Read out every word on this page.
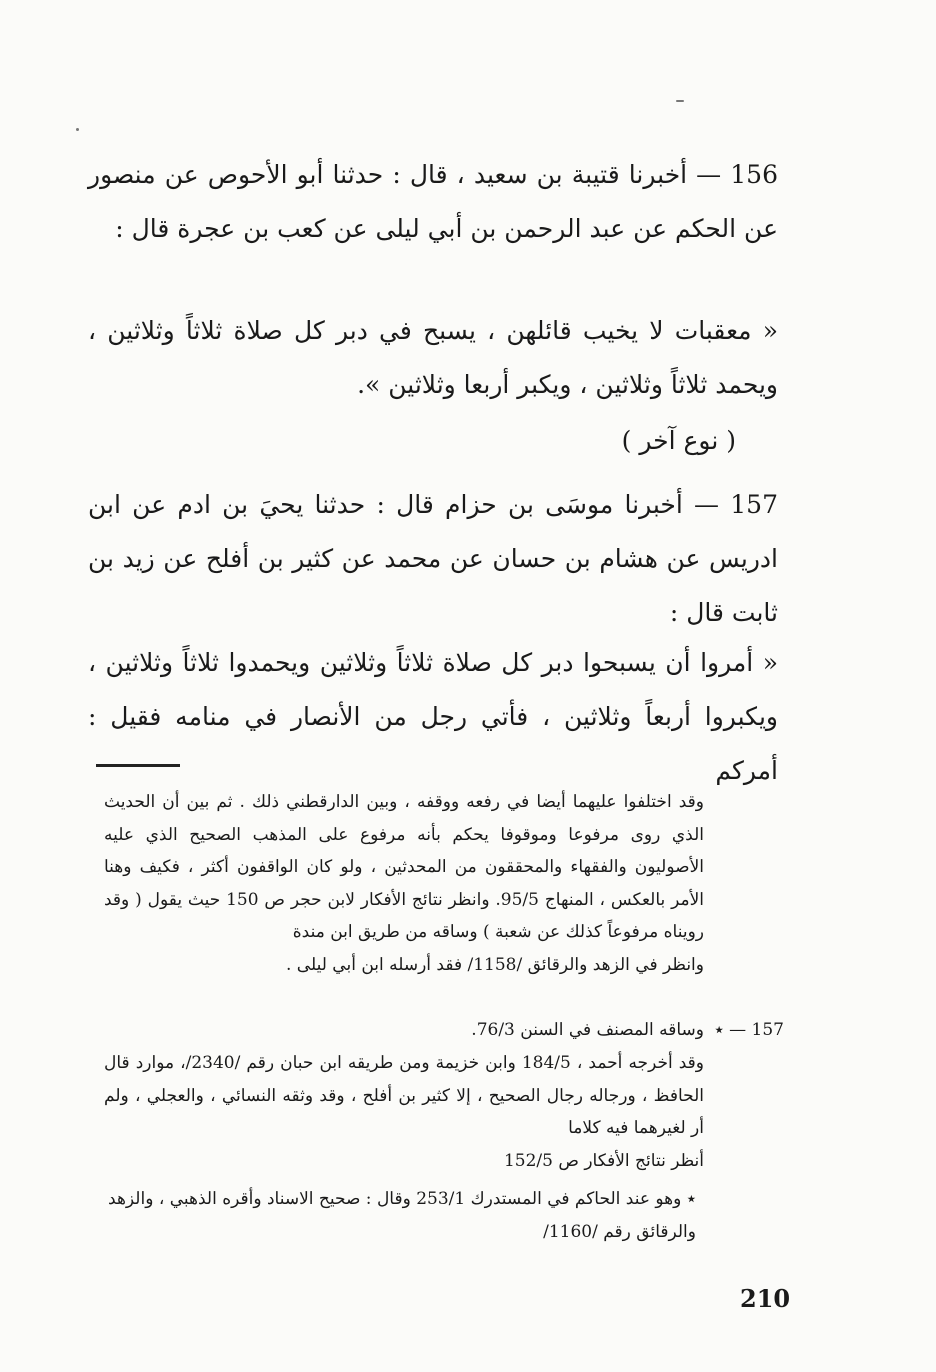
156 — أخبرنا قتيبة بن سعيد ، قال : حدثنا أبو الأحوص عن منصور عن الحكم عن عبد الرحمن بن أبي ليلى عن كعب بن عجرة قال :

« معقبات لا يخيب قائلهن ، يسبح في دبر كل صلاة ثلاثاً وثلاثين ، ويحمد ثلاثاً وثلاثين ، ويكبر أربعا وثلاثين ».

( نوع آخر )

157 — أخبرنا موسَى بن حزام قال : حدثنا يحيَ بن ادم عن ابن ادريس عن هشام بن حسان عن محمد عن كثير بن أفلح عن زيد بن ثابت قال :

« أمروا أن يسبحوا دبر كل صلاة ثلاثاً وثلاثين ويحمدوا ثلاثاً وثلاثين ، ويكبروا أربعاً وثلاثين ، فأتي رجل من الأنصار في منامه فقيل : أمركم

وقد اختلفوا عليهما أيضا في رفعه ووقفه ، وبين الدارقطني ذلك . ثم بين أن الحديث الذي روى مرفوعا وموقوفا يحكم بأنه مرفوع على المذهب الصحيح الذي عليه الأصوليون والفقهاء والمحققون من المحدثين ، ولو كان الواقفون أكثر ، فكيف وهنا الأمر بالعكس ، المنهاج 95/5. وانظر نتائج الأفكار لابن حجر ص 150 حيث يقول ( وقد رويناه مرفوعاً كذلك عن شعبة ) وساقه من طريق ابن مندة

وانظر في الزهد والرقائق /1158/ فقد أرسله ابن أبي ليلى .

157 — ٭
وساقه المصنف في السنن 76/3.

وقد أخرجه أحمد ، 184/5 وابن خزيمة ومن طريقه ابن حبان رقم /2340/، موارد قال الحافظ ، ورجاله رجال الصحيح ، إلا كثير بن أفلح ، وقد وثقه النسائي ، والعجلي ، ولم أر لغيرهما فيه كلاما

أنظر نتائج الأفكار ص 152/5

٭ وهو عند الحاكم في المستدرك 253/1 وقال : صحيح الاسناد وأقره الذهبي ، والزهد والرقائق رقم /1160/
210
